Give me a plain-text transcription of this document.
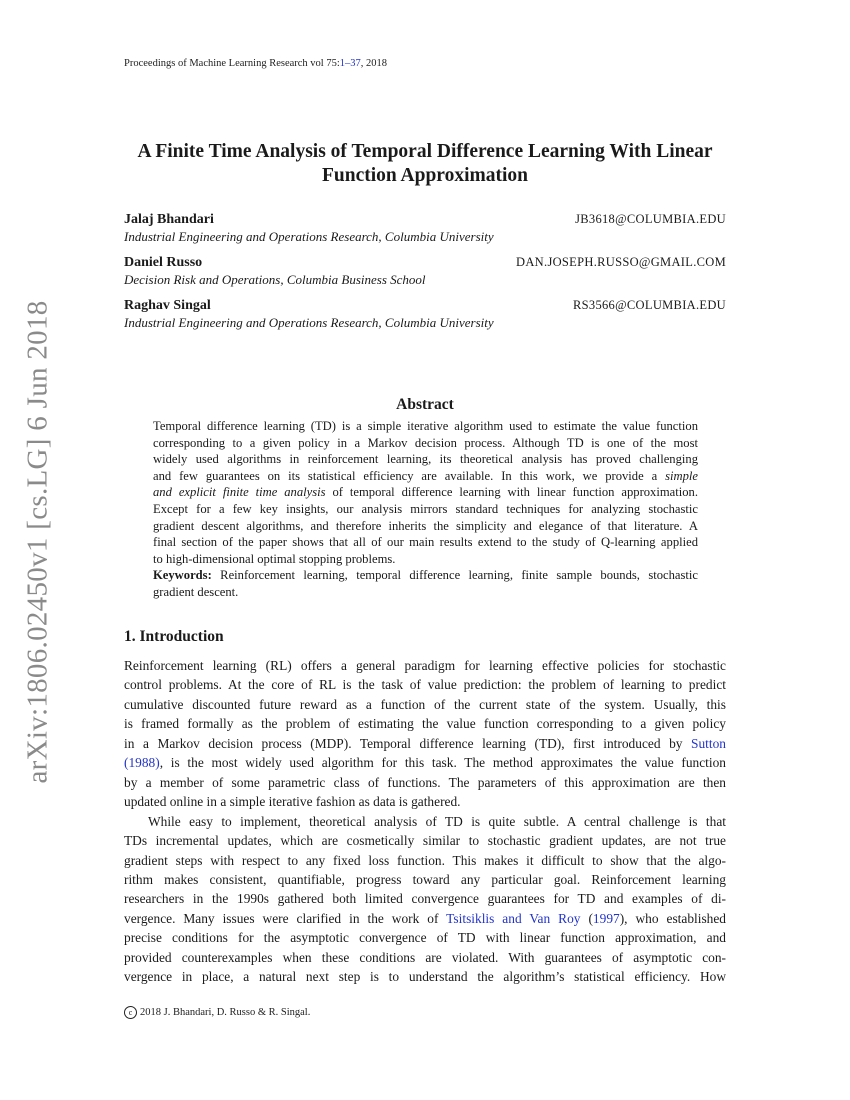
Proceedings of Machine Learning Research vol 75:1–37, 2018
arXiv:1806.02450v1 [cs.LG] 6 Jun 2018
A Finite Time Analysis of Temporal Difference Learning With Linear
Function Approximation
Jalaj Bhandari	JB3618@COLUMBIA.EDU
Industrial Engineering and Operations Research, Columbia University
Daniel Russo	DAN.JOSEPH.RUSSO@GMAIL.COM
Decision Risk and Operations, Columbia Business School
Raghav Singal	RS3566@COLUMBIA.EDU
Industrial Engineering and Operations Research, Columbia University
Abstract
Temporal difference learning (TD) is a simple iterative algorithm used to estimate the value function
corresponding to a given policy in a Markov decision process. Although TD is one of the most
widely used algorithms in reinforcement learning, its theoretical analysis has proved challenging
and few guarantees on its statistical efficiency are available. In this work, we provide a simple
and explicit finite time analysis of temporal difference learning with linear function approximation.
Except for a few key insights, our analysis mirrors standard techniques for analyzing stochastic
gradient descent algorithms, and therefore inherits the simplicity and elegance of that literature. A
final section of the paper shows that all of our main results extend to the study of Q-learning applied
to high-dimensional optimal stopping problems.
Keywords: Reinforcement learning, temporal difference learning, finite sample bounds, stochastic
gradient descent.
1. Introduction
Reinforcement learning (RL) offers a general paradigm for learning effective policies for stochastic
control problems. At the core of RL is the task of value prediction: the problem of learning to predict
cumulative discounted future reward as a function of the current state of the system. Usually, this
is framed formally as the problem of estimating the value function corresponding to a given policy
in a Markov decision process (MDP). Temporal difference learning (TD), first introduced by Sutton
(1988), is the most widely used algorithm for this task. The method approximates the value function
by a member of some parametric class of functions. The parameters of this approximation are then
updated online in a simple iterative fashion as data is gathered.
While easy to implement, theoretical analysis of TD is quite subtle. A central challenge is that
TDs incremental updates, which are cosmetically similar to stochastic gradient updates, are not true
gradient steps with respect to any fixed loss function. This makes it difficult to show that the algo-
rithm makes consistent, quantifiable, progress toward any particular goal. Reinforcement learning
researchers in the 1990s gathered both limited convergence guarantees for TD and examples of di-
vergence. Many issues were clarified in the work of Tsitsiklis and Van Roy (1997), who established
precise conditions for the asymptotic convergence of TD with linear function approximation, and
provided counterexamples when these conditions are violated. With guarantees of asymptotic con-
vergence in place, a natural next step is to understand the algorithm’s statistical efficiency. How
c 2018 J. Bhandari, D. Russo & R. Singal.
